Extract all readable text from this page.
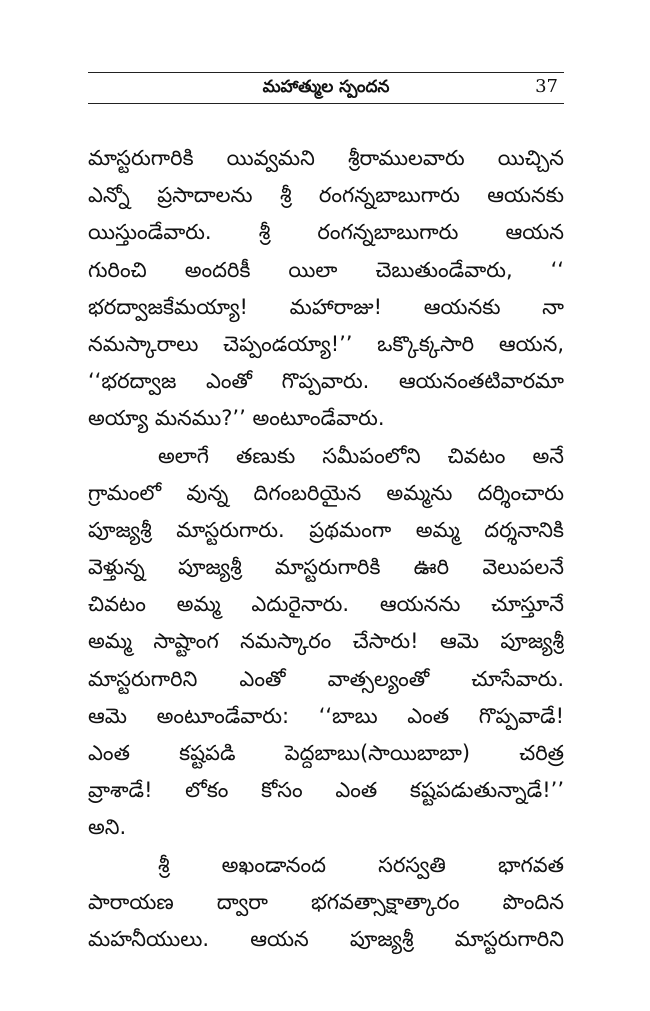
మహాత్ముల స్పందన	37
మాస్టరుగారికి యివ్వమని శ్రీరాములవారు యిచ్చిన
ఎన్నో ప్రసాదాలను శ్రీ రంగన్నబాబుగారు ఆయనకు
యిస్తుండేవారు. శ్రీ రంగన్నబాబుగారు ఆయన
గురించి అందరికీ యిలా చెబుతుండేవారు, ‘‘
భరద్వాజకేమయ్యా! మహారాజు! ఆయనకు నా
నమస్కారాలు చెప్పండయ్యా!’’ ఒక్కొక్కసారి ఆయన,
‘‘భరద్వాజ ఎంతో గొప్పవారు. ఆయనంతటివారమా
అయ్యా మనము?’’ అంటూండేవారు.
అలాగే తణుకు సమీపంలోని చివటం అనే
గ్రామంలో వున్న దిగంబరియైన అమ్మను దర్శించారు
పూజ్యశ్రీ మాస్టరుగారు. ప్రథమంగా అమ్మ దర్శనానికి
వెళ్తున్న పూజ్యశ్రీ మాస్టరుగారికి ఊరి వెలుపలనే
చివటం అమ్మ ఎదురైనారు. ఆయనను చూస్తూనే
అమ్మ సాష్టాంగ నమస్కారం చేసారు! ఆమె పూజ్యశ్రీ
మాస్టరుగారిని ఎంతో వాత్సల్యంతో చూసేవారు.
ఆమె అంటూండేవారు: ‘‘బాబు ఎంత గొప్పవాడే!
ఎంత కష్టపడి పెద్దబాబు(సాయిబాబా) చరిత్ర
వ్రాశాడే! లోకం కోసం ఎంత కష్టపడుతున్నాడే!’’
అని.
శ్రీ అఖండానంద సరస్వతి భాగవత
పారాయణ ద్వారా భగవత్సాక్షాత్కారం పొందిన
మహనీయులు. ఆయన పూజ్యశ్రీ మాస్టరుగారిని
